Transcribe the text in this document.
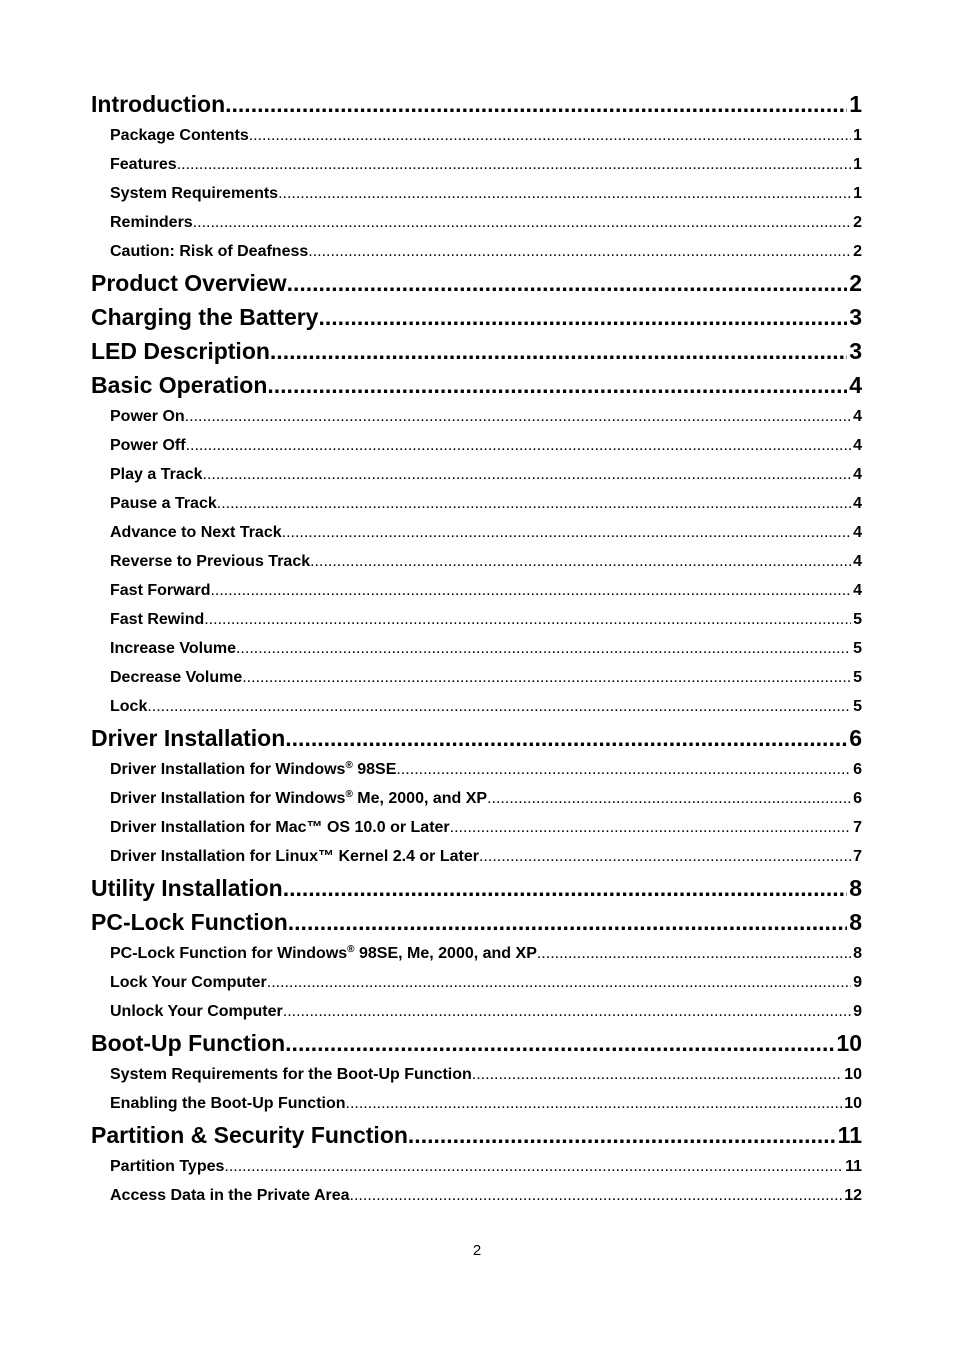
Introduction .....	1
Package Contents .....	1
Features .....	1
System Requirements .....	1
Reminders .....	2
Caution: Risk of Deafness .....	2
Product Overview .....	2
Charging the Battery .....	3
LED Description .....	3
Basic Operation .....	4
Power On .....	4
Power Off .....	4
Play a Track .....	4
Pause a Track .....	4
Advance to Next Track .....	4
Reverse to Previous Track .....	4
Fast Forward .....	4
Fast Rewind .....	5
Increase Volume .....	5
Decrease Volume .....	5
Lock .....	5
Driver Installation .....	6
Driver Installation for Windows® 98SE .....	6
Driver Installation for Windows® Me, 2000, and XP .....	6
Driver Installation for Mac™ OS 10.0 or Later .....	7
Driver Installation for Linux™ Kernel 2.4 or Later .....	7
Utility Installation .....	8
PC-Lock Function .....	8
PC-Lock Function for Windows® 98SE, Me, 2000, and XP .....	8
Lock Your Computer .....	9
Unlock Your Computer .....	9
Boot-Up Function .....	10
System Requirements for the Boot-Up Function .....	10
Enabling the Boot-Up Function .....	10
Partition & Security Function .....	11
Partition Types .....	11
Access Data in the Private Area .....	12
2
